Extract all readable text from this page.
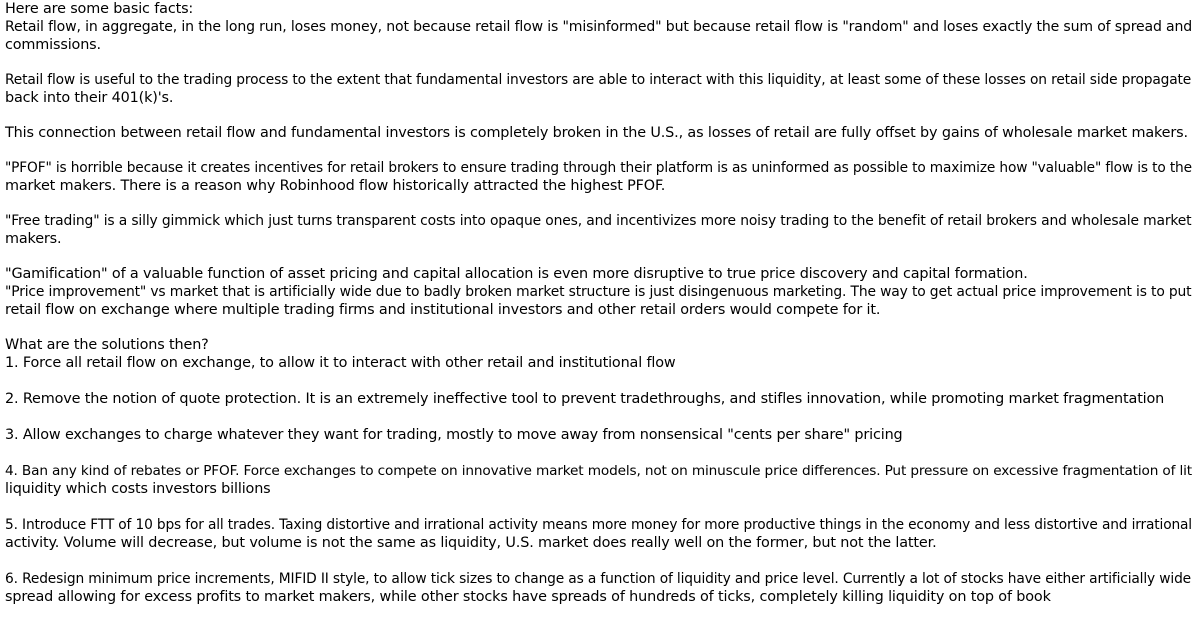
Here are some basic facts:
Retail flow, in aggregate, in the long run, loses money, not because retail flow is "misinformed" but because retail flow is "random" and loses exactly the sum of spread and
commissions.
Retail flow is useful to the trading process to the extent that fundamental investors are able to interact with this liquidity, at least some of these losses on retail side propagate
back into their 401(k)'s.
This connection between retail flow and fundamental investors is completely broken in the U.S., as losses of retail are fully offset by gains of wholesale market makers.
"PFOF" is horrible because it creates incentives for retail brokers to ensure trading through their platform is as uninformed as possible to maximize how "valuable" flow is to the
market makers. There is a reason why Robinhood flow historically attracted the highest PFOF.
"Free trading" is a silly gimmick which just turns transparent costs into opaque ones, and incentivizes more noisy trading to the benefit of retail brokers and wholesale market
makers.
"Gamification" of a valuable function of asset pricing and capital allocation is even more disruptive to true price discovery and capital formation.
"Price improvement" vs market that is artificially wide due to badly broken market structure is just disingenuous marketing. The way to get actual price improvement is to put
retail flow on exchange where multiple trading firms and institutional investors and other retail orders would compete for it.
What are the solutions then?
1. Force all retail flow on exchange, to allow it to interact with other retail and institutional flow
2. Remove the notion of quote protection. It is an extremely ineffective tool to prevent tradethroughs, and stifles innovation, while promoting market fragmentation
3. Allow exchanges to charge whatever they want for trading, mostly to move away from nonsensical "cents per share" pricing
4. Ban any kind of rebates or PFOF. Force exchanges to compete on innovative market models, not on minuscule price differences. Put pressure on excessive fragmentation of lit
liquidity which costs investors billions
5. Introduce FTT of 10 bps for all trades. Taxing distortive and irrational activity means more money for more productive things in the economy and less distortive and irrational
activity. Volume will decrease, but volume is not the same as liquidity, U.S. market does really well on the former, but not the latter.
6. Redesign minimum price increments, MIFID II style, to allow tick sizes to change as a function of liquidity and price level. Currently a lot of stocks have either artificially wide
spread allowing for excess profits to market makers, while other stocks have spreads of hundreds of ticks, completely killing liquidity on top of book
